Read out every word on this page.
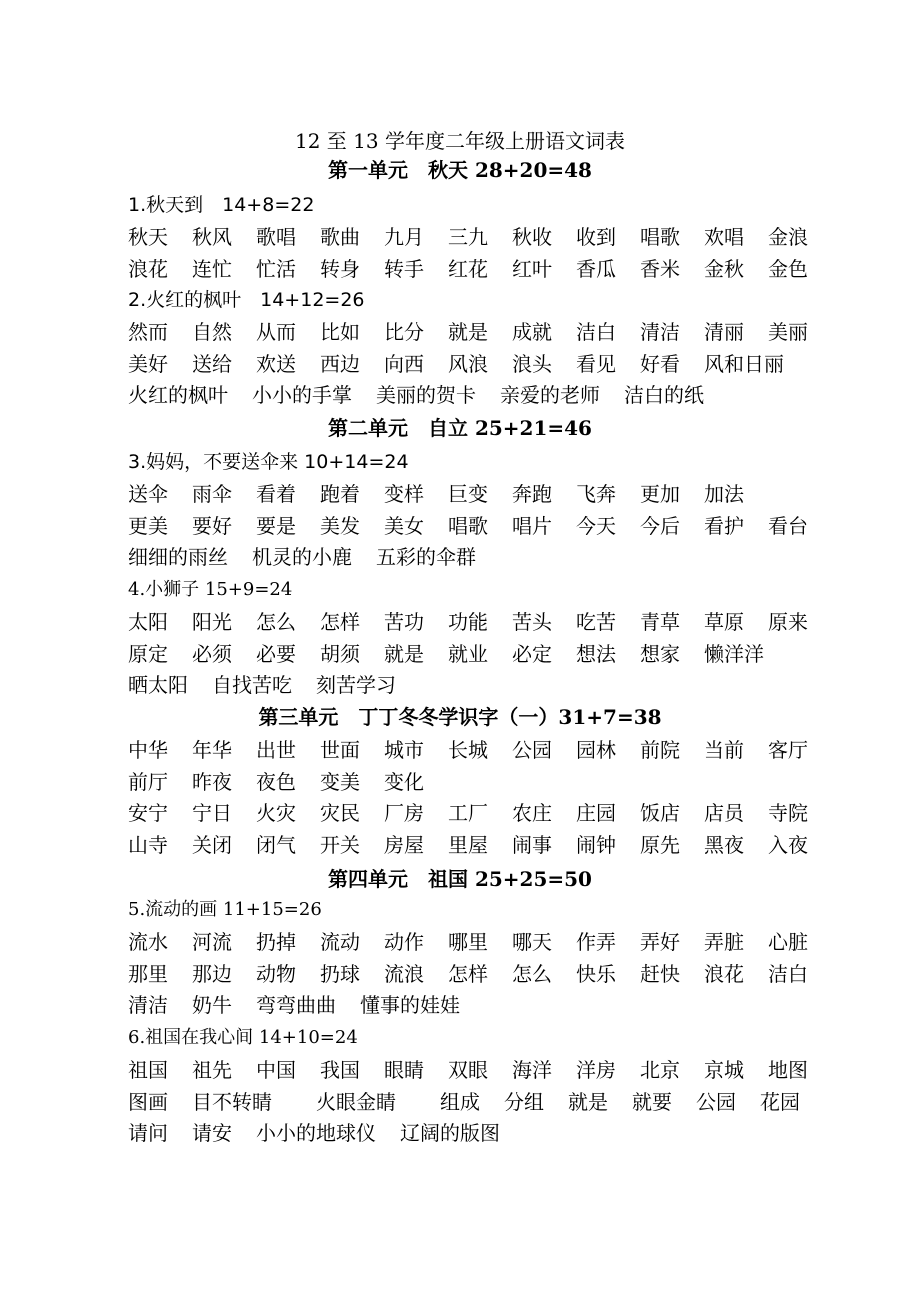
12 至 13 学年度二年级上册语文词表
第一单元　秋天 28+20=48
1.秋天到　14+8=22
秋天 秋风 歌唱 歌曲 九月 三九 秋收 收到 唱歌 欢唱 金浪
浪花 连忙 忙活 转身 转手 红花 红叶 香瓜 香米 金秋 金色
2.火红的枫叶　14+12=26
然而 自然 从而 比如 比分 就是 成就 洁白 清洁 清丽 美丽
美好 送给 欢送 西边 向西 风浪 浪头 看见 好看 风和日丽
火红的枫叶 小小的手掌 美丽的贺卡 亲爱的老师 洁白的纸
第二单元　自立 25+21=46
3.妈妈，不要送伞来 10+14=24
送伞 雨伞 看着 跑着 变样 巨变 奔跑 飞奔 更加 加法
更美 要好 要是 美发 美女 唱歌 唱片 今天 今后 看护 看台
细细的雨丝 机灵的小鹿 五彩的伞群
4.小狮子 15+9=24
太阳 阳光 怎么 怎样 苦功 功能 苦头 吃苦 青草 草原 原来
原定 必须 必要 胡须 就是 就业 必定 想法 想家 懒洋洋
晒太阳 自找苦吃 刻苦学习
第三单元　丁丁冬冬学识字（一）31+7=38
中华 年华 出世 世面 城市 长城 公园 园林 前院 当前 客厅
前厅 昨夜 夜色 变美 变化
安宁 宁日 火灾 灾民 厂房 工厂 农庄 庄园 饭店 店员 寺院
山寺 关闭 闭气 开关 房屋 里屋 闹事 闹钟 原先 黑夜 入夜
第四单元　祖国 25+25=50
5.流动的画 11+15=26
流水 河流 扔掉 流动 动作 哪里 哪天 作弄 弄好 弄脏 心脏
那里 那边 动物 扔球 流浪 怎样 怎么 快乐 赶快 浪花 洁白
清洁 奶牛 弯弯曲曲 懂事的娃娃
6.祖国在我心间 14+10=24
祖国 祖先 中国 我国 眼睛 双眼 海洋 洋房 北京 京城 地图
图画 目不转睛 火眼金睛 组成 分组 就是 就要 公园 花园
请问 请安 小小的地球仪 辽阔的版图
